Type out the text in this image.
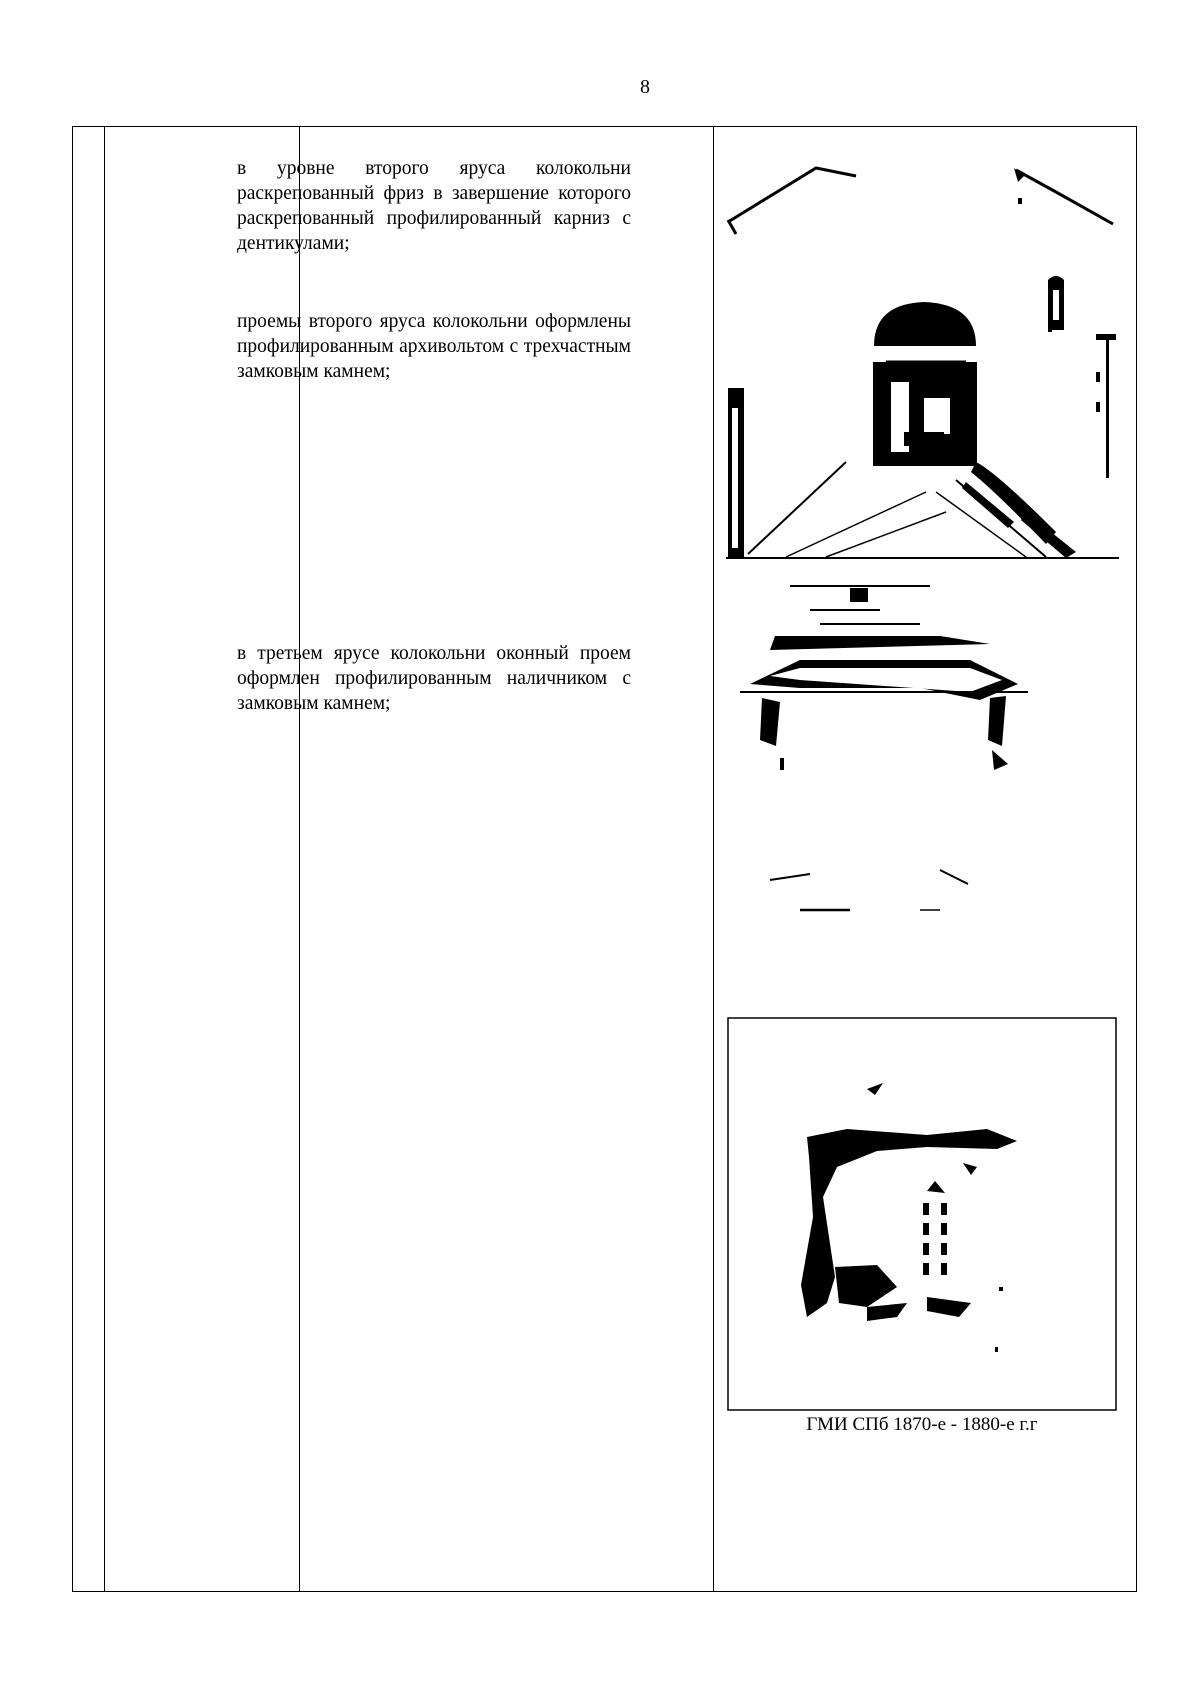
8

в уровне второго яруса колокольни раскрепованный фриз в завершение которого раскрепованный профилированный карниз с дентикулами;

проемы второго яруса колокольни оформлены профилированным архивольтом с трехчастным замковым камнем;

в третьем ярусе колокольни оконный проем оформлен профилированным наличником с замковым камнем;

ГМИ СПб 1870-е - 1880-е г.г
